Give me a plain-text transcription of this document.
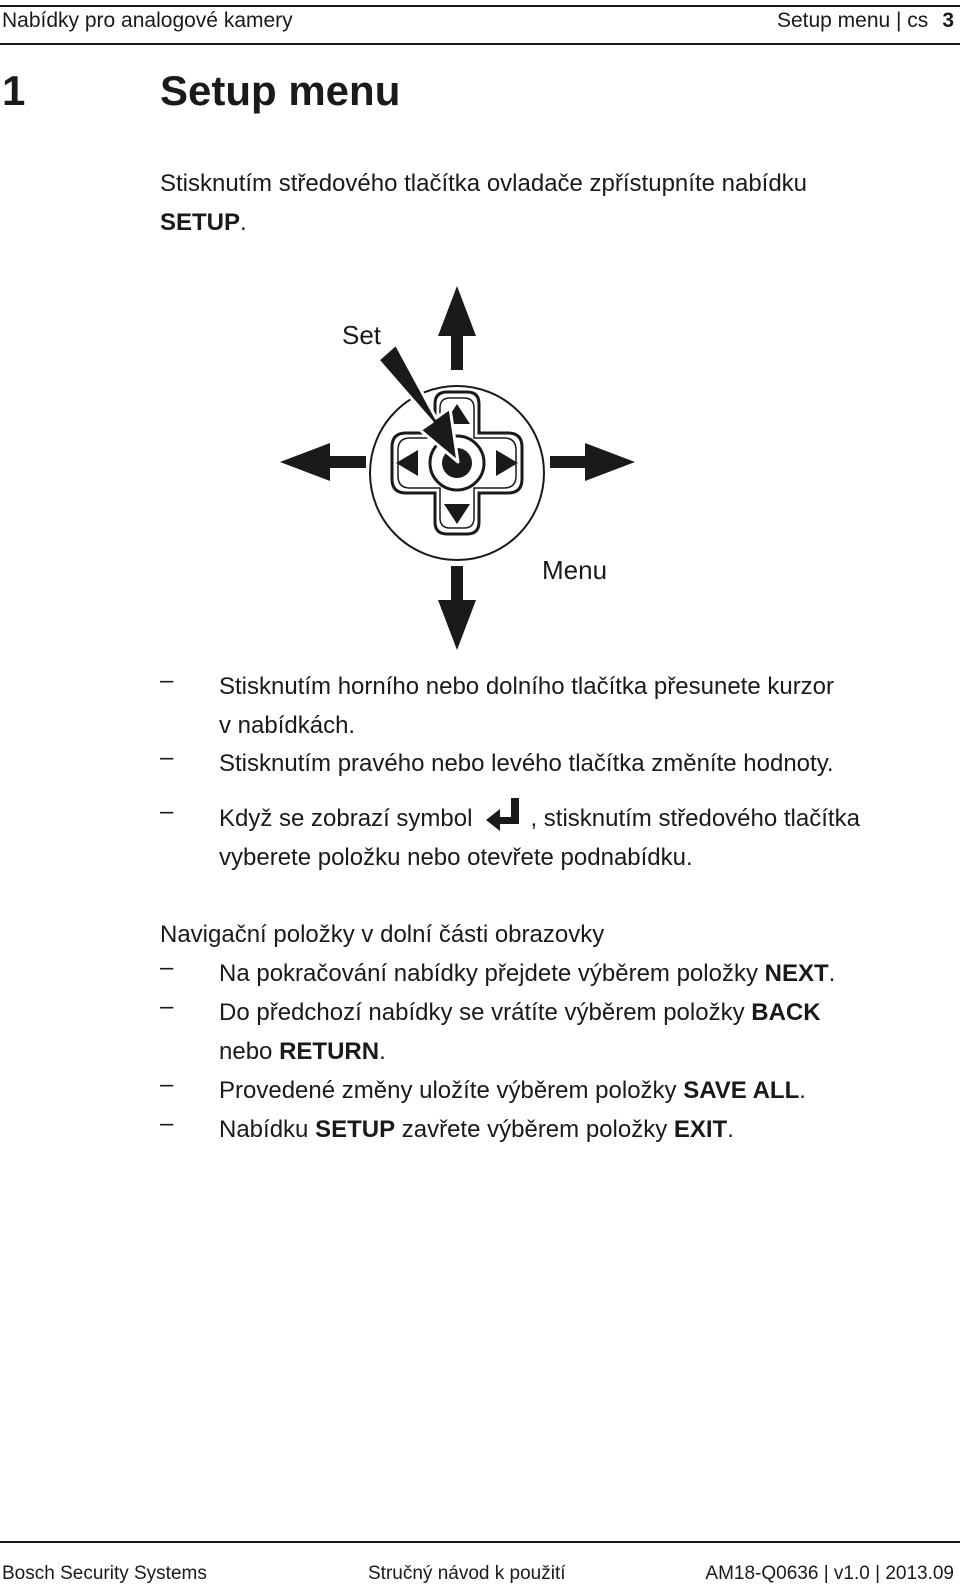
Nabídky pro analogové kamery	Setup menu | cs 3
1	Setup menu
Stisknutím středového tlačítka ovladače zpřístupníte nabídku
SETUP.
Set
Menu
– Stisknutím horního nebo dolního tlačítka přesunete kurzor
v nabídkách.
– Stisknutím pravého nebo levého tlačítka změníte hodnoty.
– Když se zobrazí symbol , stisknutím středového tlačítka
vyberete položku nebo otevřete podnabídku.
Navigační položky v dolní části obrazovky
– Na pokračování nabídky přejdete výběrem položky NEXT.
– Do předchozí nabídky se vrátíte výběrem položky BACK
nebo RETURN.
– Provedené změny uložíte výběrem položky SAVE ALL.
– Nabídku SETUP zavřete výběrem položky EXIT.
Bosch Security Systems	Stručný návod k použití	AM18-Q0636 | v1.0 | 2013.09
